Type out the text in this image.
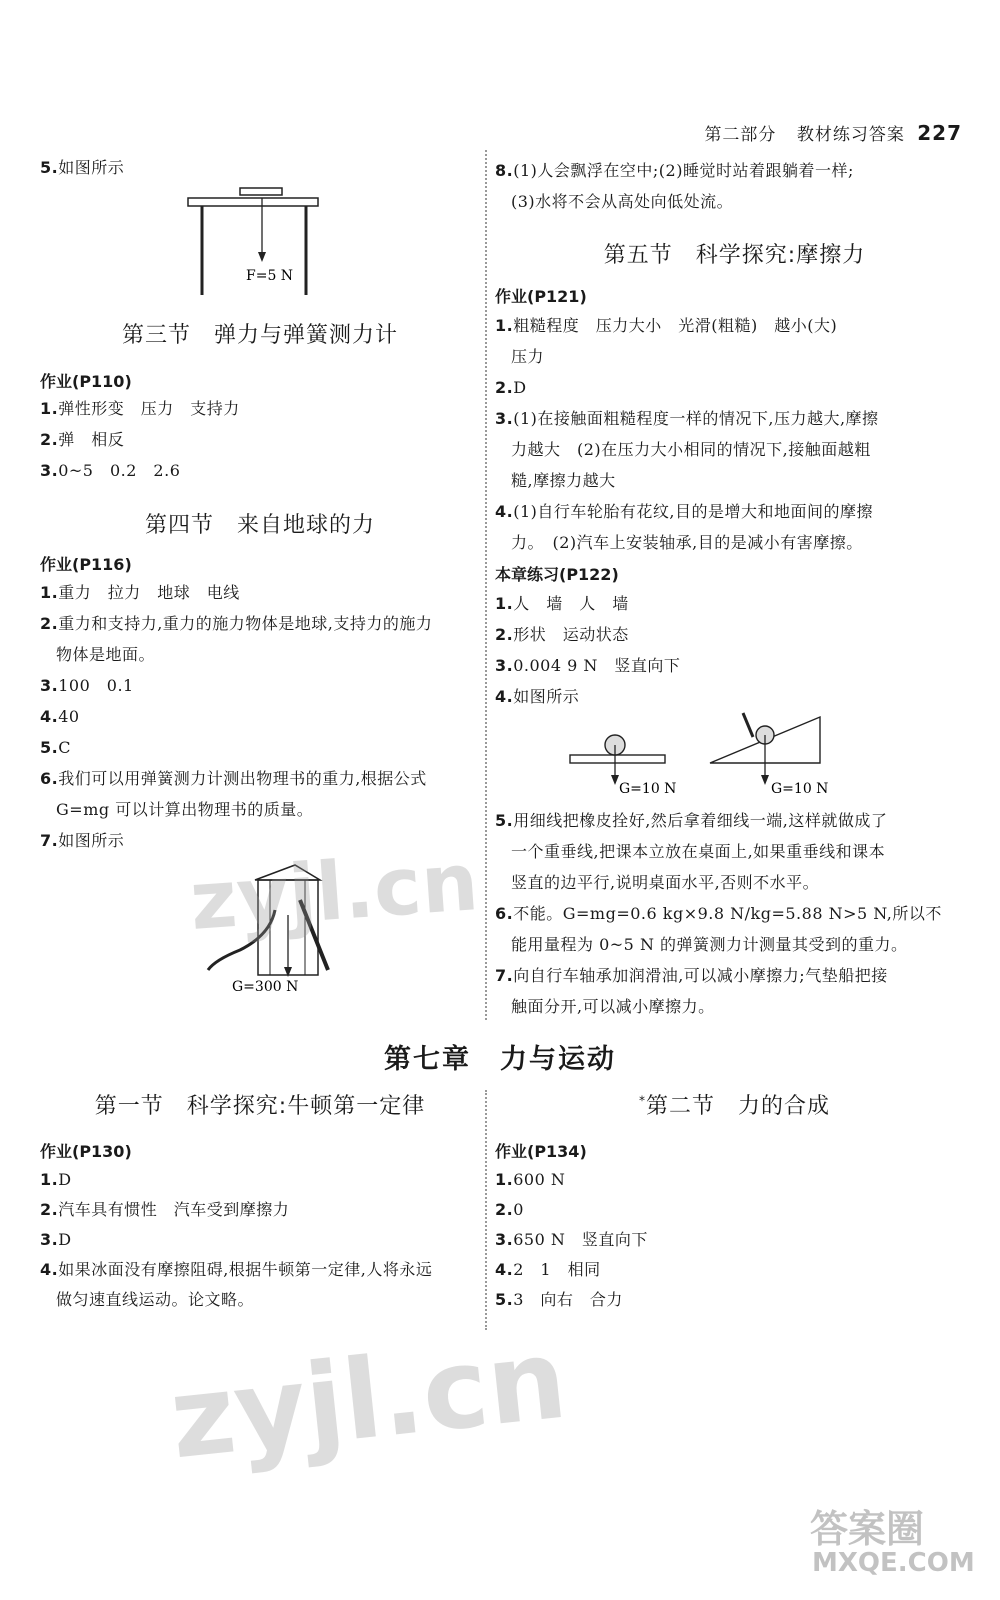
第二部分 教材练习答案 227
5.如图所示
F=5 N
第三节　弹力与弹簧测力计
作业(P110)
1.弹性形变　压力　支持力
2.弹　相反
3.0~5　0.2　2.6
第四节　来自地球的力
作业(P116)
1.重力　拉力　地球　电线
2.重力和支持力,重力的施力物体是地球,支持力的施力
物体是地面。
3.100　0.1
4.40
5.C
6.我们可以用弹簧测力计测出物理书的重力,根据公式
G=mg 可以计算出物理书的质量。
7.如图所示
G=300 N
8.(1)人会飘浮在空中;(2)睡觉时站着跟躺着一样;
(3)水将不会从高处向低处流。
第五节　科学探究:摩擦力
作业(P121)
1.粗糙程度　压力大小　光滑(粗糙)　越小(大)
压力
2.D
3.(1)在接触面粗糙程度一样的情况下,压力越大,摩擦
力越大　(2)在压力大小相同的情况下,接触面越粗
糙,摩擦力越大
4.(1)自行车轮胎有花纹,目的是增大和地面间的摩擦
力。　(2)汽车上安装轴承,目的是减小有害摩擦。
本章练习(P122)
1.人　墙　人　墙
2.形状　运动状态
3.0.004 9 N　竖直向下
4.如图所示
G=10 N	G=10 N
5.用细线把橡皮拴好,然后拿着细线一端,这样就做成了
一个重垂线,把课本立放在桌面上,如果重垂线和课本
竖直的边平行,说明桌面水平,否则不水平。
6.不能。G=mg=0.6 kg×9.8 N/kg=5.88 N>5 N,所以不
能用量程为 0~5 N 的弹簧测力计测量其受到的重力。
7.向自行车轴承加润滑油,可以减小摩擦力;气垫船把接
触面分开,可以减小摩擦力。
第七章　力与运动
第一节　科学探究:牛顿第一定律
作业(P130)
1.D
2.汽车具有惯性　汽车受到摩擦力
3.D
4.如果冰面没有摩擦阻碍,根据牛顿第一定律,人将永远
做匀速直线运动。论文略。
*第二节　力的合成
作业(P134)
1.600 N
2.0
3.650 N　竖直向下
4.2　1　相同
5.3　向右　合力
zyjl.cn
zyjl.cn
答案圈
MXQE.COM
